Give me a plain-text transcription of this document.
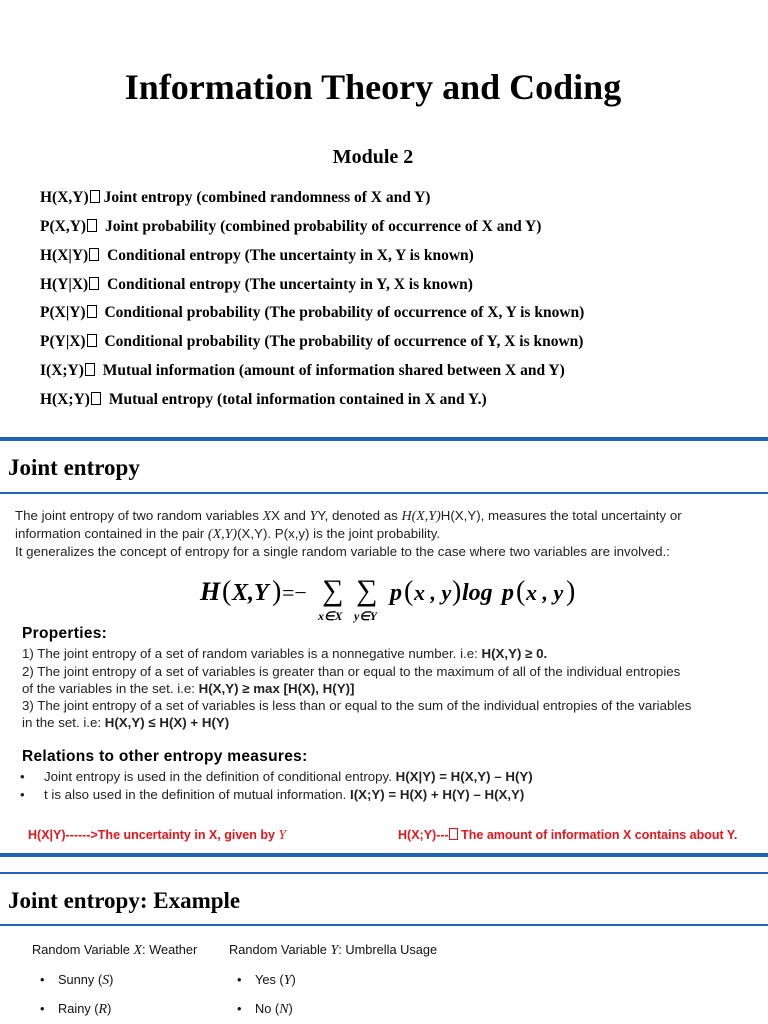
Information Theory and Coding
Module 2
H(X,Y) Joint entropy (combined randomness of X and Y)
P(X,Y) Joint probability (combined probability of occurrence of X and Y)
H(X|Y) Conditional entropy (The uncertainty in X, Y is known)
H(Y|X) Conditional entropy (The uncertainty in Y, X is known)
P(X|Y) Conditional probability (The probability of occurrence of X, Y is known)
P(Y|X) Conditional probability (The probability of occurrence of Y, X is known)
I(X;Y) Mutual information (amount of information shared between X and Y)
H(X;Y) Mutual entropy (total information contained in X and Y.)
Joint entropy
The joint entropy of two random variables XX and YY, denoted as H(X,Y)H(X,Y), measures the total uncertainty or
information contained in the pair (X,Y)(X,Y). P(x,y) is the joint probability.
It generalizes the concept of entropy for a single random variable to the case where two variables are involved.:
H ( X,Y ) =− ∑
x∈X
∑
y∈Y
p ( x , y ) log p ( x , y )
Properties:
1) The joint entropy of a set of random variables is a nonnegative number. i.e: H(X,Y) ≥ 0.
2) The joint entropy of a set of variables is greater than or equal to the maximum of all of the individual entropies
of the variables in the set. i.e: H(X,Y) ≥ max [H(X), H(Y)]
3) The joint entropy of a set of variables is less than or equal to the sum of the individual entropies of the variables
in the set. i.e: H(X,Y) ≤ H(X) + H(Y)
Relations to other entropy measures:
• Joint entropy is used in the definition of conditional entropy. H(X|Y) = H(X,Y) – H(Y)
• t is also used in the definition of mutual information. I(X;Y) = H(X) + H(Y) – H(X,Y)
H(X|Y)------>The uncertainty in X, given by Y	H(X;Y)--- The amount of information X contains about Y.
Joint entropy: Example
Random Variable X: Weather
• Sunny (S)
• Rainy (R)
Random Variable Y: Umbrella Usage
• Yes (Y)
• No (N)
